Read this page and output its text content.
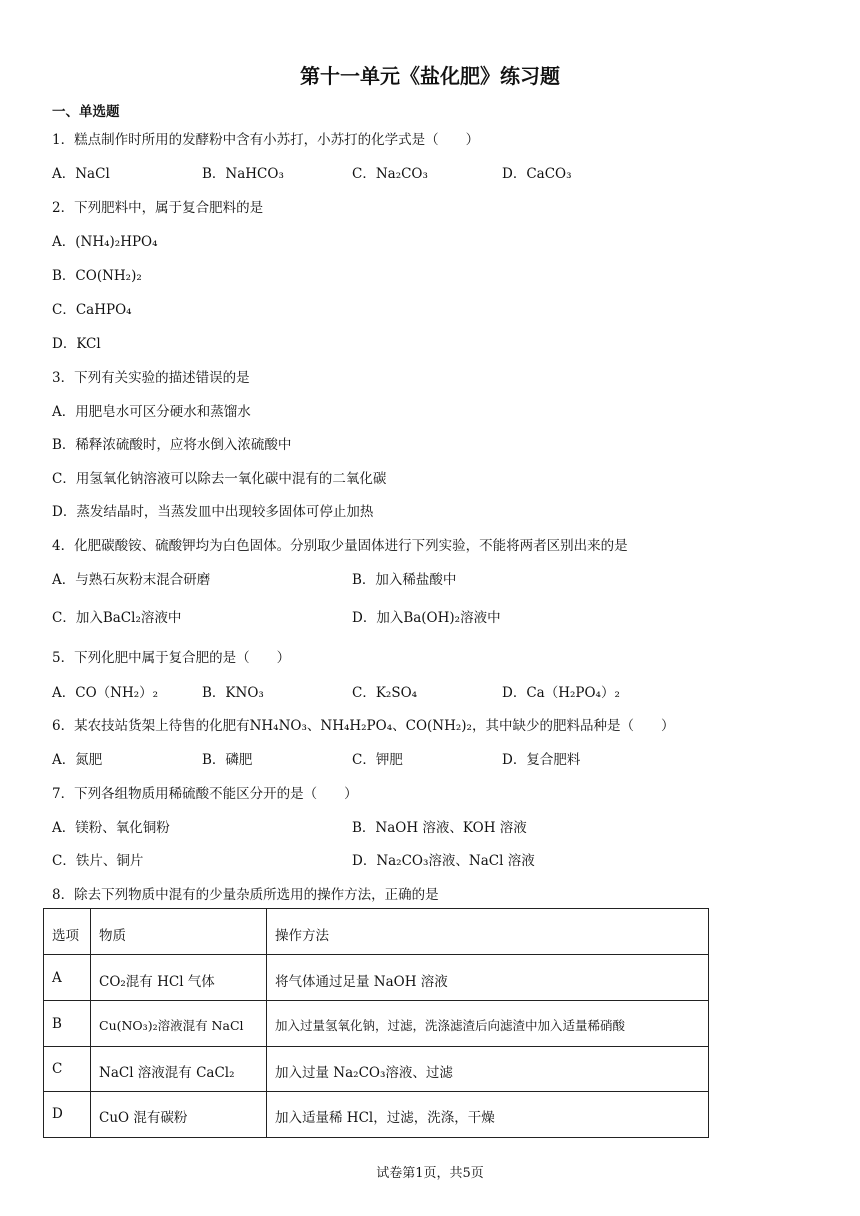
第十一单元《盐化肥》练习题
一、单选题
1．糕点制作时所用的发酵粉中含有小苏打，小苏打的化学式是（　　）
A．NaCl	B．NaHCO₃	C．Na₂CO₃	D．CaCO₃
2．下列肥料中，属于复合肥料的是
A．(NH₄)₂HPO₄
B．CO(NH₂)₂
C．CaHPO₄
D．KCl
3．下列有关实验的描述错误的是
A．用肥皂水可区分硬水和蒸馏水
B．稀释浓硫酸时，应将水倒入浓硫酸中
C．用氢氧化钠溶液可以除去一氧化碳中混有的二氧化碳
D．蒸发结晶时，当蒸发皿中出现较多固体可停止加热
4．化肥碳酸铵、硫酸钾均为白色固体。分别取少量固体进行下列实验，不能将两者区别出来的是
A．与熟石灰粉末混合研磨	B．加入稀盐酸中
C．加入BaCl₂溶液中	D．加入Ba(OH)₂溶液中
5．下列化肥中属于复合肥的是（　　）
A．CO（NH₂）₂	B．KNO₃	C．K₂SO₄	D．Ca（H₂PO₄）₂
6．某农技站货架上待售的化肥有NH₄NO₃、NH₄H₂PO₄、CO(NH₂)₂，其中缺少的肥料品种是（　　）
A．氮肥	B．磷肥	C．钾肥	D．复合肥料
7．下列各组物质用稀硫酸不能区分开的是（　　）
A．镁粉、氧化铜粉	B．NaOH 溶液、KOH 溶液
C．铁片、铜片	D．Na₂CO₃溶液、NaCl 溶液
8．除去下列物质中混有的少量杂质所选用的操作方法，正确的是
选项 物质	操作方法
A	CO₂混有 HCl 气体	将气体通过足量 NaOH 溶液
B	Cu(NO₃)₂溶液混有 NaCl	加入过量氢氧化钠，过滤，洗涤滤渣后向滤渣中加入适量稀硝酸
C	NaCl 溶液混有 CaCl₂	加入过量 Na₂CO₃溶液、过滤
D	CuO 混有碳粉	加入适量稀 HCl，过滤，洗涤，干燥
试卷第1页，共5页
